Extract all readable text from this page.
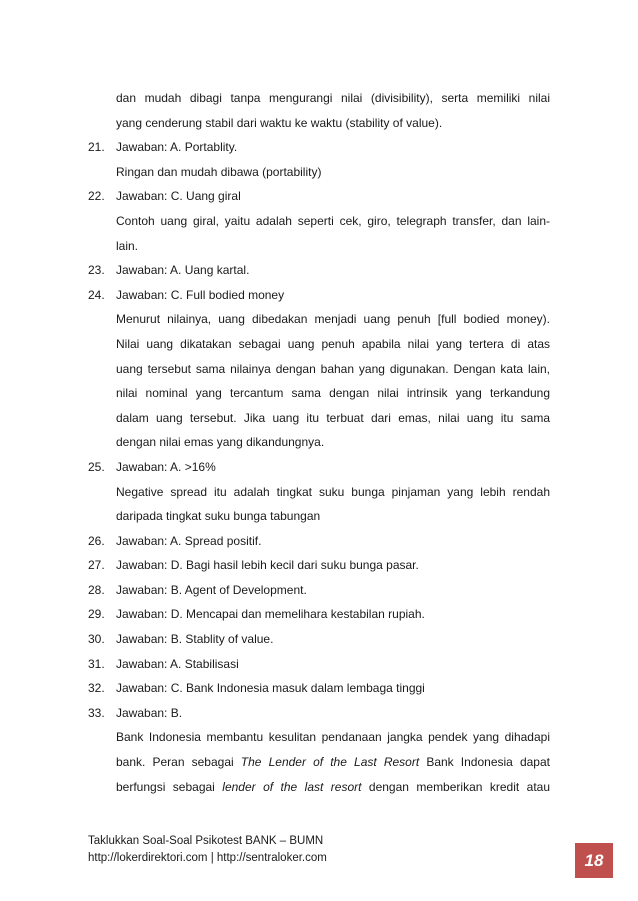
dan mudah dibagi tanpa mengurangi nilai (divisibility), serta memiliki nilai
yang cenderung stabil dari waktu ke waktu (stability of value).
21. Jawaban: A. Portablity.
Ringan dan mudah dibawa (portability)
22. Jawaban: C. Uang giral
Contoh uang giral, yaitu adalah seperti cek, giro, telegraph transfer, dan lain-
lain.
23. Jawaban: A. Uang kartal.
24. Jawaban: C. Full bodied money
Menurut nilainya, uang dibedakan menjadi uang penuh [full bodied money).
Nilai uang dikatakan sebagai uang penuh apabila nilai yang tertera di atas
uang tersebut sama nilainya dengan bahan yang digunakan. Dengan kata lain,
nilai nominal yang tercantum sama dengan nilai intrinsik yang terkandung
dalam uang tersebut. Jika uang itu terbuat dari emas, nilai uang itu sama
dengan nilai emas yang dikandungnya.
25. Jawaban: A. >16%
Negative spread itu adalah tingkat suku bunga pinjaman yang lebih rendah
daripada tingkat suku bunga tabungan
26. Jawaban: A. Spread positif.
27. Jawaban: D. Bagi hasil lebih kecil dari suku bunga pasar.
28. Jawaban: B. Agent of Development.
29. Jawaban: D. Mencapai dan memelihara kestabilan rupiah.
30. Jawaban: B. Stablity of value.
31. Jawaban: A. Stabilisasi
32. Jawaban: C. Bank Indonesia masuk dalam lembaga tinggi
33. Jawaban: B.
Bank Indonesia membantu kesulitan pendanaan jangka pendek yang dihadapi
bank. Peran sebagai The Lender of the Last Resort Bank Indonesia dapat
berfungsi sebagai lender of the last resort dengan memberikan kredit atau
Taklukkan Soal-Soal Psikotest BANK – BUMN
http://lokerdirektori.com | http://sentraloker.com	18
